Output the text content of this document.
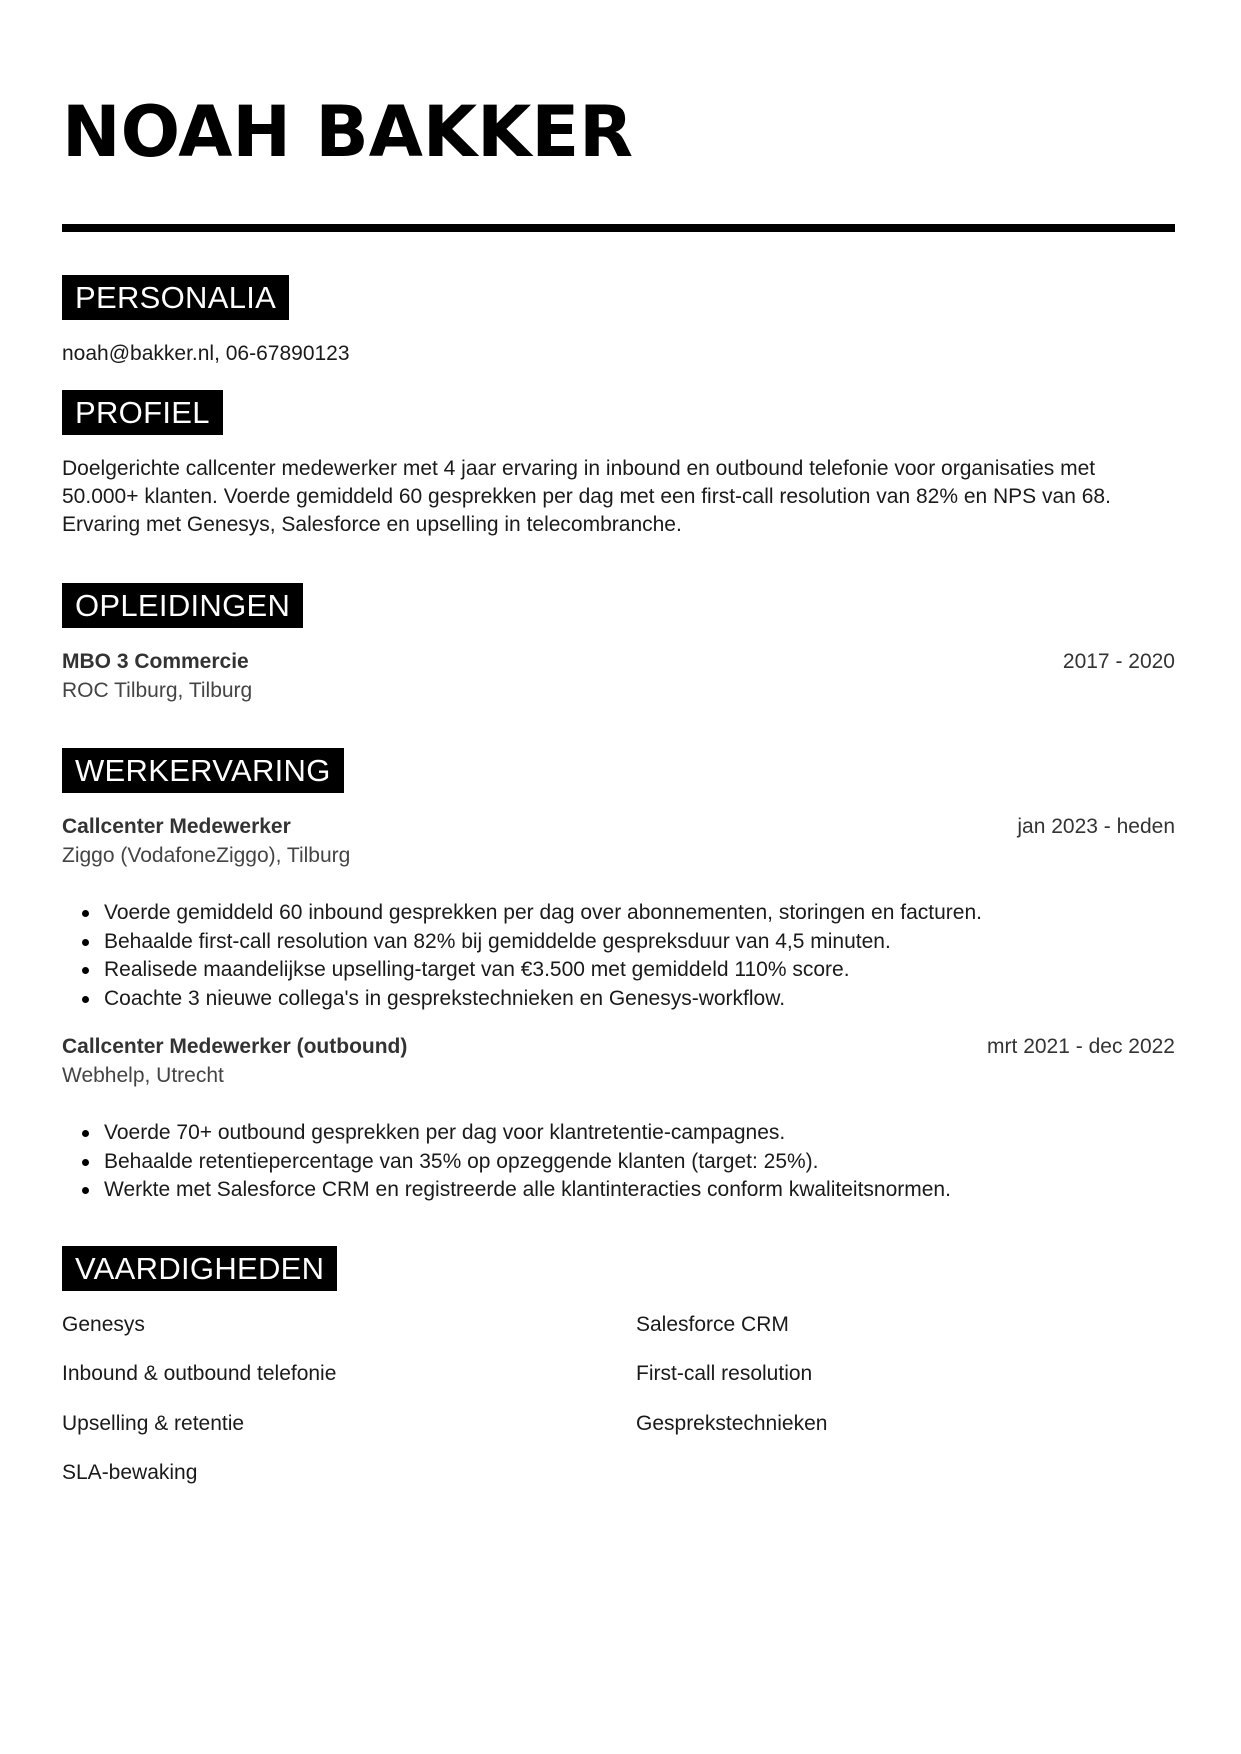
NOAH BAKKER
PERSONALIA

noah@bakker.nl, 06-67890123

PROFIEL

Doelgerichte callcenter medewerker met 4 jaar ervaring in inbound en outbound telefonie voor organisaties met 50.000+ klanten. Voerde gemiddeld 60 gesprekken per dag met een first-call resolution van 82% en NPS van 68. Ervaring met Genesys, Salesforce en upselling in telecombranche.

OPLEIDINGEN

MBO 3 Commercie	2017 - 2020

ROC Tilburg, Tilburg

WERKERVARING

Callcenter Medewerker	jan 2023 - heden

Ziggo (VodafoneZiggo), Tilburg

Voerde gemiddeld 60 inbound gesprekken per dag over abonnementen, storingen en facturen.
Behaalde first-call resolution van 82% bij gemiddelde gespreksduur van 4,5 minuten.
Realisede maandelijkse upselling-target van €3.500 met gemiddeld 110% score.
Coachte 3 nieuwe collega's in gesprekstechnieken en Genesys-workflow.

Callcenter Medewerker (outbound)	mrt 2021 - dec 2022

Webhelp, Utrecht

Voerde 70+ outbound gesprekken per dag voor klantretentie-campagnes.
Behaalde retentiepercentage van 35% op opzeggende klanten (target: 25%).
Werkte met Salesforce CRM en registreerde alle klantinteracties conform kwaliteitsnormen.
VAARDIGHEDEN
Genesys	Salesforce CRM
Inbound & outbound telefonie	First-call resolution
Upselling & retentie	Gesprekstechnieken
SLA-bewaking
